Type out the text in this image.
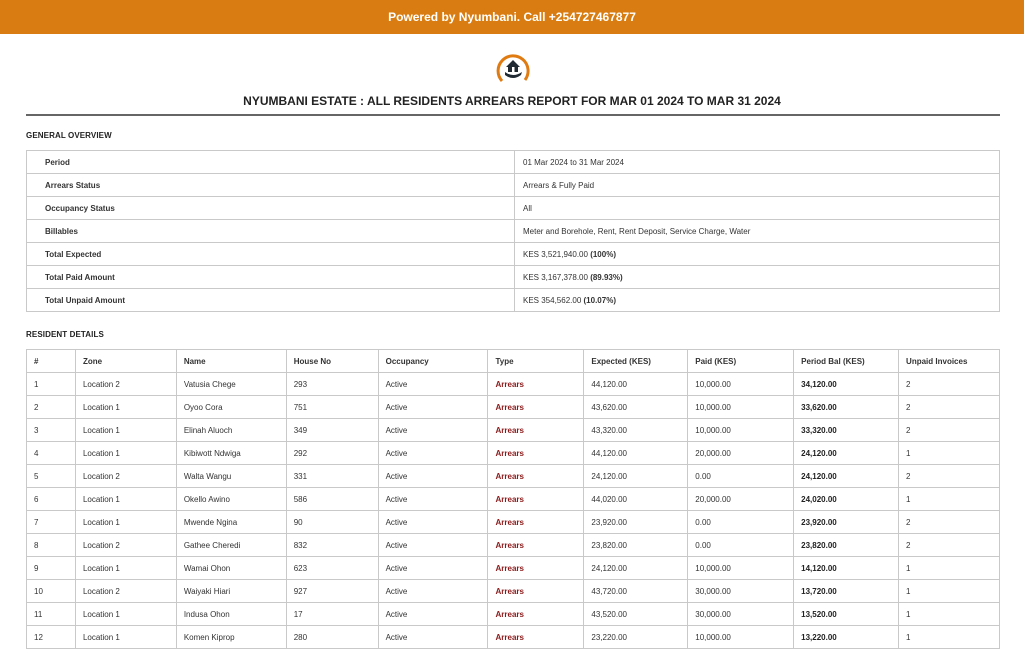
Powered by Nyumbani. Call +254727467877
NYUMBANI ESTATE : ALL RESIDENTS ARREARS REPORT FOR MAR 01 2024 TO MAR 31 2024
GENERAL OVERVIEW
Period	01 Mar 2024 to 31 Mar 2024
Arrears Status	Arrears & Fully Paid
Occupancy Status	All
Billables	Meter and Borehole, Rent, Rent Deposit, Service Charge, Water
Total Expected	KES 3,521,940.00 (100%)
Total Paid Amount	KES 3,167,378.00 (89.93%)
Total Unpaid Amount	KES 354,562.00 (10.07%)
RESIDENT DETAILS
#	Zone	Name	House No	Occupancy	Type	Expected (KES)	Paid (KES)	Period Bal (KES)	Unpaid Invoices
1	Location 2	Vatusia Chege	293	Active	Arrears	44,120.00	10,000.00	34,120.00	2
2	Location 1	Oyoo Cora	751	Active	Arrears	43,620.00	10,000.00	33,620.00	2
3	Location 1	Elinah Aluoch	349	Active	Arrears	43,320.00	10,000.00	33,320.00	2
4	Location 1	Kibiwott Ndwiga	292	Active	Arrears	44,120.00	20,000.00	24,120.00	1
5	Location 2	Walta Wangu	331	Active	Arrears	24,120.00	0.00	24,120.00	2
6	Location 1	Okello Awino	586	Active	Arrears	44,020.00	20,000.00	24,020.00	1
7	Location 1	Mwende Ngina	90	Active	Arrears	23,920.00	0.00	23,920.00	2
8	Location 2	Gathee Cheredi	832	Active	Arrears	23,820.00	0.00	23,820.00	2
9	Location 1	Wamai Ohon	623	Active	Arrears	24,120.00	10,000.00	14,120.00	1
10	Location 2	Waiyaki Hiari	927	Active	Arrears	43,720.00	30,000.00	13,720.00	1
11	Location 1	Indusa Ohon	17	Active	Arrears	43,520.00	30,000.00	13,520.00	1
12	Location 1	Komen Kiprop	280	Active	Arrears	23,220.00	10,000.00	13,220.00	1
